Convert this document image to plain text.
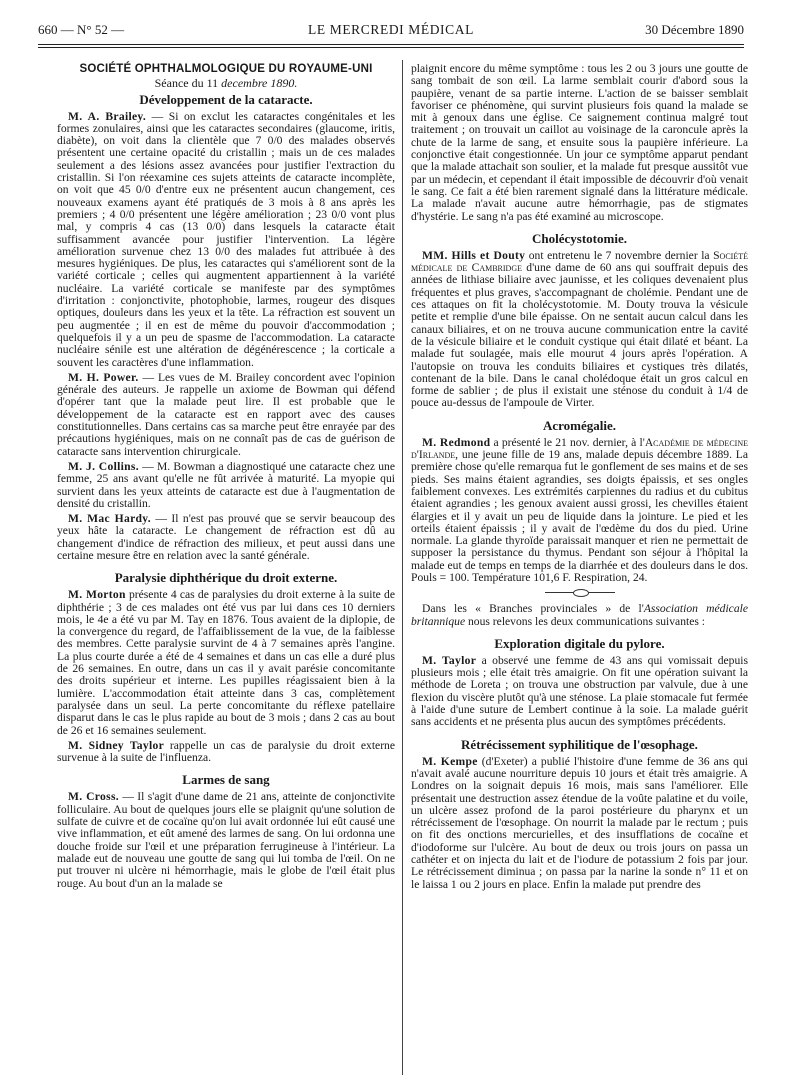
660 — N° 52 —	LE MERCREDI MÉDICAL	30 Décembre 1890
SOCIÉTÉ OPHTHALMOLOGIQUE DU ROYAUME-UNI
Séance du 11 decembre 1890.
Développement de la cataracte.

M. A. Brailey. — Si on exclut les cataractes congénitales et les formes zonulaires, ainsi que les cataractes secondaires (glaucome, iritis, diabète), on voit dans la clientèle que 7 0/0 des malades observés présentent une certaine opacité du cristallin ; mais un de ces malades seulement a des lésions assez avancées pour justifier l'extraction du cristallin. Si l'on réexamine ces sujets atteints de cataracte incomplète, on voit que 45 0/0 d'entre eux ne présentent aucun changement, ces nouveaux examens ayant été pratiqués de 3 mois à 8 ans après les premiers ; 4 0/0 présentent une légère amélioration ; 23 0/0 vont plus mal, y compris 4 cas (13 0/0) dans lesquels la cataracte était suffisamment avancée pour justifier l'intervention. La légère amélioration survenue chez 13 0/0 des malades fut attribuée à des mesures hygiéniques. De plus, les cataractes qui s'améliorent sont de la variété corticale ; celles qui augmentent appartiennent à la variété nucléaire. La variété corticale se manifeste par des symptômes d'irritation : conjonctivite, photophobie, larmes, rougeur des disques optiques, douleurs dans les yeux et la tête. La réfraction est souvent un peu augmentée ; il en est de même du pouvoir d'accommodation ; quelquefois il y a un peu de spasme de l'accommodation. La cataracte nucléaire sénile est une altération de dégénérescence ; la corticale a souvent les caractères d'une inflammation.

M. H. Power. — Les vues de M. Brailey concordent avec l'opinion générale des auteurs. Je rappelle un axiome de Bowman qui défend d'opérer tant que la malade peut lire. Il est probable que le développement de la cataracte est en rapport avec des causes constitutionnelles. Dans certains cas sa marche peut être enrayée par des précautions hygiéniques, mais on ne connaît pas de cas de guérison de cataracte sans intervention chirurgicale.

M. J. Collins. — M. Bowman a diagnostiqué une cataracte chez une femme, 25 ans avant qu'elle ne fût arrivée à maturité. La myopie qui survient dans les yeux atteints de cataracte est due à l'augmentation de densité du cristallin.

M. Mac Hardy. — Il n'est pas prouvé que se servir beaucoup des yeux hâte la cataracte. Le changement de réfraction est dû au changement d'indice de réfraction des milieux, et peut aussi dans une certaine mesure être en relation avec la santé générale.

Paralysie diphthérique du droit externe.

M. Morton présente 4 cas de paralysies du droit externe à la suite de diphthérie ; 3 de ces malades ont été vus par lui dans ces 10 derniers mois, le 4e a été vu par M. Tay en 1876. Tous avaient de la diplopie, de la convergence du regard, de l'affaiblissement de la vue, de la faiblesse des membres. Cette paralysie survint de 4 à 7 semaines après l'angine. La plus courte durée a été de 4 semaines et dans un cas elle a duré plus de 26 semaines. En outre, dans un cas il y avait parésie concomitante des droits supérieur et interne. Les pupilles réagissaient bien à la lumière. L'accommodation était atteinte dans 3 cas, complètement paralysée dans un seul. La perte concomitante du réflexe patellaire disparut dans le cas le plus rapide au bout de 3 mois ; dans 2 cas au bout de 26 et 16 semaines seulement.

M. Sidney Taylor rappelle un cas de paralysie du droit externe survenue à la suite de l'influenza.

Larmes de sang

M. Cross. — Il s'agit d'une dame de 21 ans, atteinte de conjonctivite folliculaire. Au bout de quelques jours elle se plaignit qu'une solution de sulfate de cuivre et de cocaïne qu'on lui avait ordonnée lui eût causé une vive inflammation, et eût amené des larmes de sang. On lui ordonna une douche froide sur l'œil et une préparation ferrugineuse à l'intérieur. La malade eut de nouveau une goutte de sang qui lui tomba de l'œil. On ne put trouver ni ulcère ni hémorrhagie, mais le globe de l'œil était plus rouge. Au bout d'un an la malade se

plaignit encore du même symptôme : tous les 2 ou 3 jours une goutte de sang tombait de son œil. La larme semblait courir d'abord sous la paupière, venant de sa partie interne. L'action de se baisser semblait favoriser ce phénomène, qui survint plusieurs fois quand la malade se mit à genoux dans une église. Ce saignement continua malgré tout traitement ; on trouvait un caillot au voisinage de la caroncule après la chute de la larme de sang, et ensuite sous la paupière inférieure. La conjonctive était congestionnée. Un jour ce symptôme apparut pendant que la malade attachait son soulier, et la malade fut presque aussitôt vue par un médecin, et cependant il était impossible de découvrir d'où venait le sang. Ce fait a été bien rarement signalé dans la littérature médicale. La malade n'avait aucune autre hémorrhagie, pas de stigmates d'hystérie. Le sang n'a pas été examiné au microscope.

Cholécystotomie.

MM. Hills et Douty ont entretenu le 7 novembre dernier la Société médicale de Cambridge d'une dame de 60 ans qui souffrait depuis des années de lithiase biliaire avec jaunisse, et les coliques devenaient plus fréquentes et plus graves, s'accompagnant de cholémie. Pendant une de ces attaques on fit la cholécystotomie. M. Douty trouva la vésicule petite et remplie d'une bile épaisse. On ne sentait aucun calcul dans les canaux biliaires, et on ne trouva aucune communication entre la cavité de la vésicule biliaire et le conduit cystique qui était dilaté et béant. La malade fut soulagée, mais elle mourut 4 jours après l'opération. A l'autopsie on trouva les conduits biliaires et cystiques très dilatés, contenant de la bile. Dans le canal cholédoque était un gros calcul en forme de sablier ; de plus il existait une sténose du conduit à 1/4 de pouce au-dessus de l'ampoule de Virter.

Acromégalie.

M. Redmond a présenté le 21 nov. dernier, à l'Académie de médecine d'Irlande, une jeune fille de 19 ans, malade depuis décembre 1889. La première chose qu'elle remarqua fut le gonflement de ses mains et de ses pieds. Ses mains étaient agrandies, ses doigts épaissis, et ses ongles faiblement convexes. Les extrémités carpiennes du radius et du cubitus étaient agrandies ; les genoux avaient aussi grossi, les chevilles étaient élargies et il y avait un peu de liquide dans la jointure. Le pied et les orteils étaient épaissis ; il y avait de l'œdème du dos du pied. Urine normale. La glande thyroïde paraissait manquer et rien ne permettait de supposer la persistance du thymus. Pendant son séjour à l'hôpital la malade eut de temps en temps de la diarrhée et des douleurs dans le dos. Pouls = 100. Température 101,6 F. Respiration, 24.

Dans les « Branches provinciales » de l'Association médicale britannique nous relevons les deux communications suivantes :

Exploration digitale du pylore.

M. Taylor a observé une femme de 43 ans qui vomissait depuis plusieurs mois ; elle était très amaigrie. On fit une opération suivant la méthode de Loreta ; on trouva une obstruction par valvule, due à une flexion du viscère plutôt qu'à une sténose. La plaie stomacale fut fermée à l'aide d'une suture de Lembert continue à la soie. La malade guérit sans accidents et ne présenta plus aucun des symptômes précédents.

Rétrécissement syphilitique de l'œsophage.

M. Kempe (d'Exeter) a publié l'histoire d'une femme de 36 ans qui n'avait avalé aucune nourriture depuis 10 jours et était très amaigrie. A Londres on la soignait depuis 16 mois, mais sans l'améliorer. Elle présentait une destruction assez étendue de la voûte palatine et du voile, un ulcère assez profond de la paroi postérieure du pharynx et un rétrécissement de l'œsophage. On nourrit la malade par le rectum ; puis on fit des onctions mercurielles, et des insufflations de cocaïne et d'iodoforme sur l'ulcère. Au bout de deux ou trois jours on passa un cathéter et on injecta du lait et de l'iodure de potassium 2 fois par jour. Le rétrécissement diminua ; on passa par la narine la sonde n° 11 et on le laissa 1 ou 2 jours en place. Enfin la malade put prendre des
